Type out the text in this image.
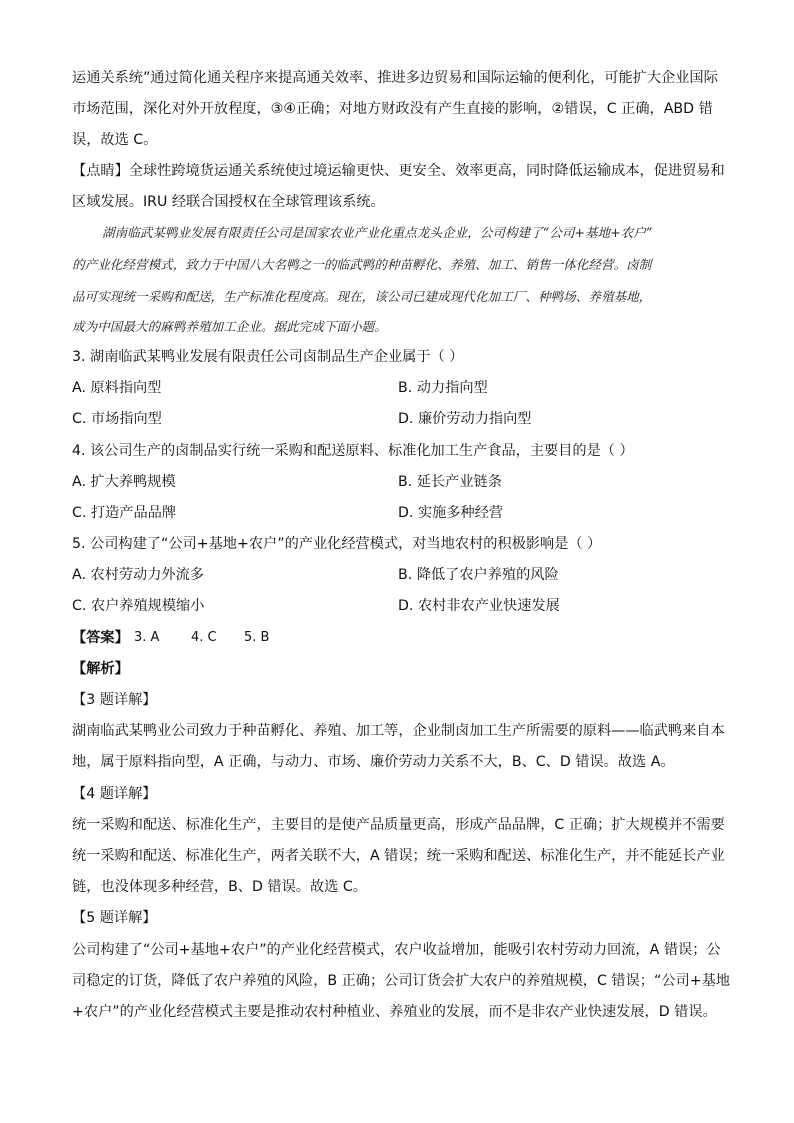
运通关系统”通过简化通关程序来提高通关效率、推进多边贸易和国际运输的便利化，可能扩大企业国际
市场范围，深化对外开放程度，③④正确；对地方财政没有产生直接的影响，②错误，C 正确，ABD 错
误，故选 C。
【点睛】全球性跨境货运通关系统使过境运输更快、更安全、效率更高，同时降低运输成本，促进贸易和
区域发展。IRU 经联合国授权在全球管理该系统。
湖南临武某鸭业发展有限责任公司是国家农业产业化重点龙头企业，公司构建了“公司+基地+农户”
的产业化经营模式，致力于中国八大名鸭之一的临武鸭的种苗孵化、养殖、加工、销售一体化经营。卤制
品可实现统一采购和配送，生产标准化程度高。现在，该公司已建成现代化加工厂、种鸭场、养殖基地，
成为中国最大的麻鸭养殖加工企业。据此完成下面小题。
3. 湖南临武某鸭业发展有限责任公司卤制品生产企业属于（ ）
A. 原料指向型	B. 动力指向型
C. 市场指向型	D. 廉价劳动力指向型
4. 该公司生产的卤制品实行统一采购和配送原料、标准化加工生产食品，主要目的是（ ）
A. 扩大养鸭规模	B. 延长产业链条
C. 打造产品品牌	D. 实施多种经营
5. 公司构建了“公司+基地+农户”的产业化经营模式，对当地农村的积极影响是（ ）
A. 农村劳动力外流多	B. 降低了农户养殖的风险
C. 农户养殖规模缩小	D. 农村非农产业快速发展
【答案】 3. A 4. C 5. B
【解析】
【3 题详解】
湖南临武某鸭业公司致力于种苗孵化、养殖、加工等，企业制卤加工生产所需要的原料——临武鸭来自本
地，属于原料指向型，A 正确，与动力、市场、廉价劳动力关系不大，B、C、D 错误。故选 A。
【4 题详解】
统一采购和配送、标准化生产，主要目的是使产品质量更高，形成产品品牌，C 正确；扩大规模并不需要
统一采购和配送、标准化生产，两者关联不大，A 错误；统一采购和配送、标准化生产，并不能延长产业
链，也没体现多种经营，B、D 错误。故选 C。
【5 题详解】
公司构建了“公司+基地+农户”的产业化经营模式，农户收益增加，能吸引农村劳动力回流，A 错误；公
司稳定的订货，降低了农户养殖的风险，B 正确；公司订货会扩大农户的养殖规模，C 错误；“公司+基地
+农户”的产业化经营模式主要是推动农村种植业、养殖业的发展，而不是非农产业快速发展，D 错误。
